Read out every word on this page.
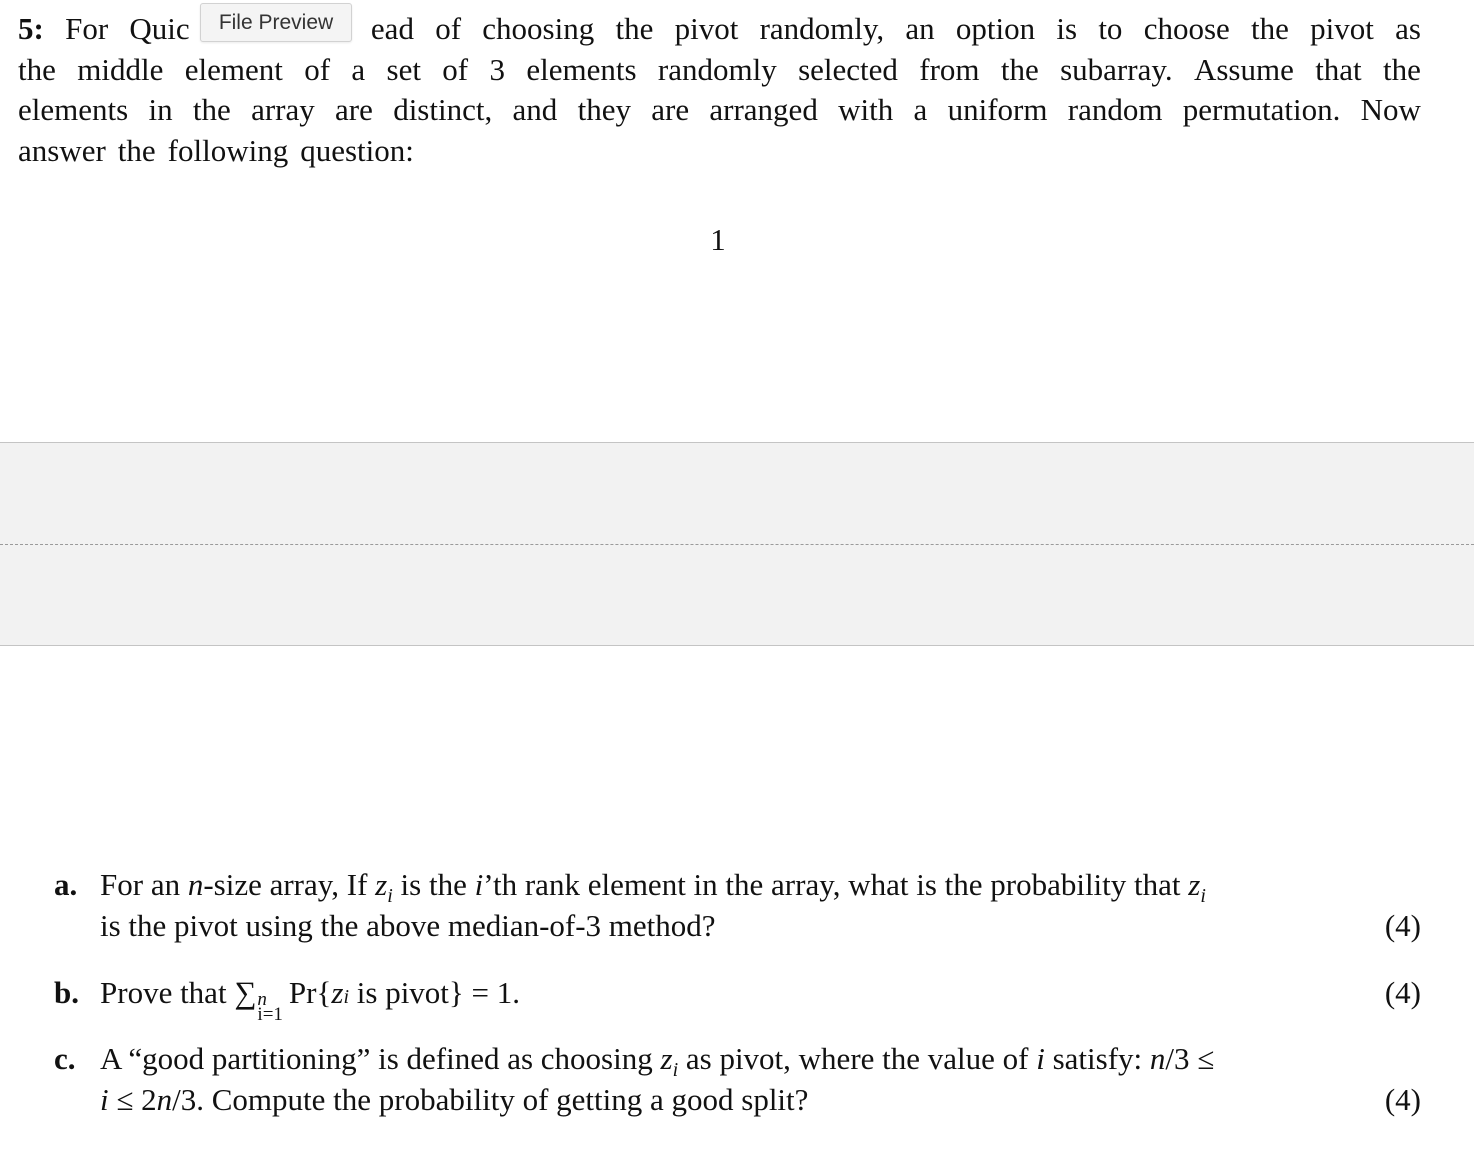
5: For Quic	ead of choosing the pivot randomly, an option is to choose the pivot as
the middle element of a set of 3 elements randomly selected from the subarray. Assume that the
elements in the array are distinct, and they are arranged with a uniform random permutation. Now
answer the following question:
1
File Preview
a. For an n-size array, If $z_i$ is the i’th rank element in the array, what is the probability that $z_i$
is the pivot using the above median-of-3 method?	(4)
b. Prove that ∑ n
i=1
Pr{ z i is pivot} = 1.	(4)
c. A “good partitioning” is defined as choosing $z_i$ as pivot, where the value of i satisfy: n/3 ≤
i ≤ 2n/3. Compute the probability of getting a good split?	(4)
